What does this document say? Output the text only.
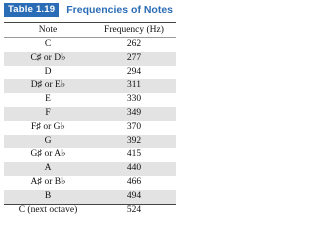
Table 1.19	Frequencies of Notes
Note	Frequency (Hz)
C	262
C♯ or D♭	277
D	294
D♯ or E♭	311
E	330
F	349
F♯ or G♭	370
G	392
G♯ or A♭	415
A	440
A♯ or B♭	466
B	494
C (next octave)	524
